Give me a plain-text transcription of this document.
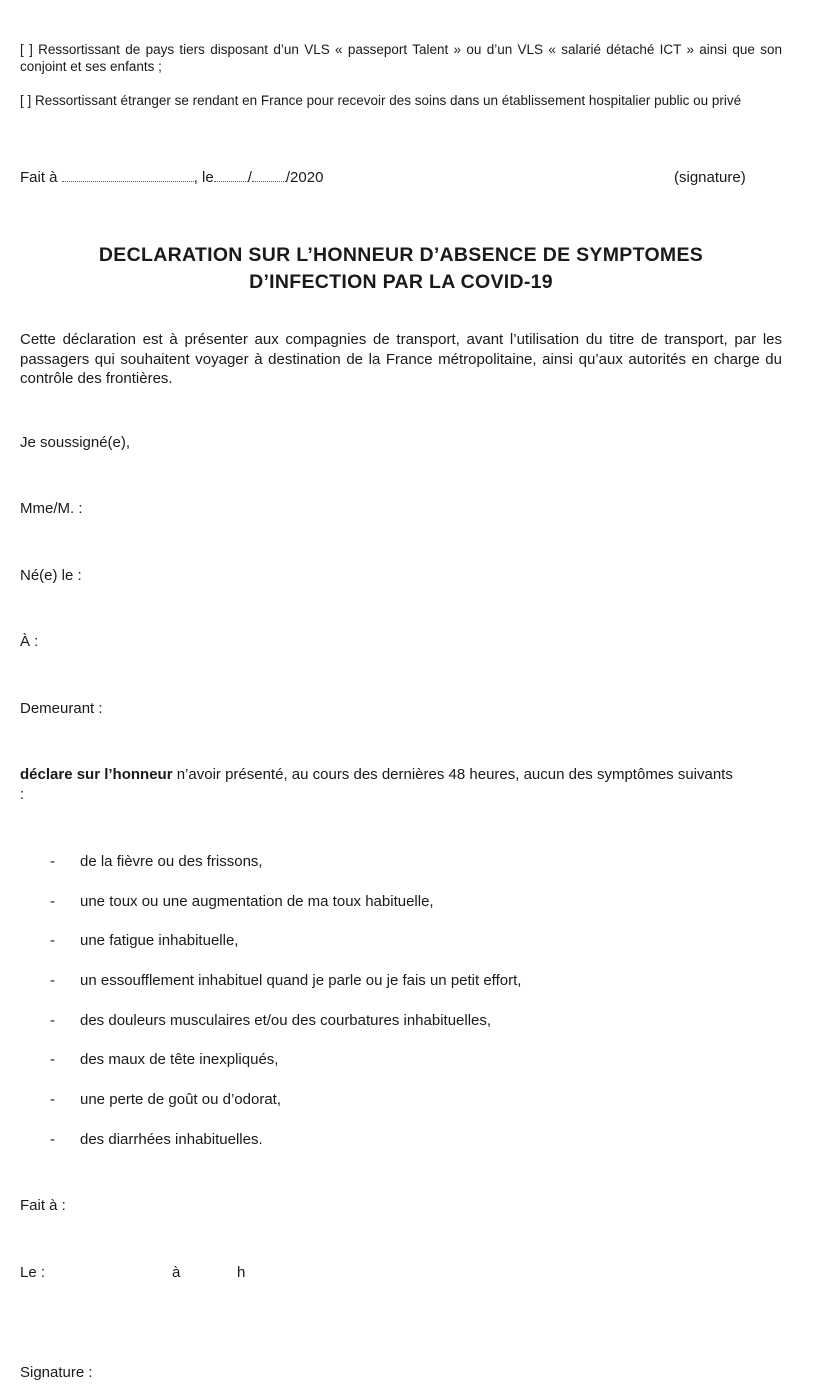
[ ] Ressortissant de pays tiers disposant d’un VLS « passeport Talent » ou d’un VLS « salarié détaché ICT » ainsi que son conjoint et ses enfants ;
[ ] Ressortissant étranger se rendant en France pour recevoir des soins dans un établissement hospitalier public ou privé
Fait à	, le / /2020	(signature)
DECLARATION SUR L’HONNEUR D’ABSENCE DE SYMPTOMES
D’INFECTION PAR LA COVID-19
Cette déclaration est à présenter aux compagnies de transport, avant l’utilisation du titre de transport, par les passagers qui souhaitent voyager à destination de la France métropolitaine, ainsi qu’aux autorités en charge du contrôle des frontières.
Je soussigné(e),
Mme/M. :
Né(e) le :
À :
Demeurant :
déclare sur l’honneur n’avoir présenté, au cours des dernières 48 heures, aucun des symptômes suivants :
- de la fièvre ou des frissons,
- une toux ou une augmentation de ma toux habituelle,
- une fatigue inhabituelle,
- un essoufflement inhabituel quand je parle ou je fais un petit effort,
- des douleurs musculaires et/ou des courbatures inhabituelles,
- des maux de tête inexpliqués,
- une perte de goût ou d’odorat,
- des diarrhées inhabituelles.
Fait à :
Le :	à	h
Signature :
